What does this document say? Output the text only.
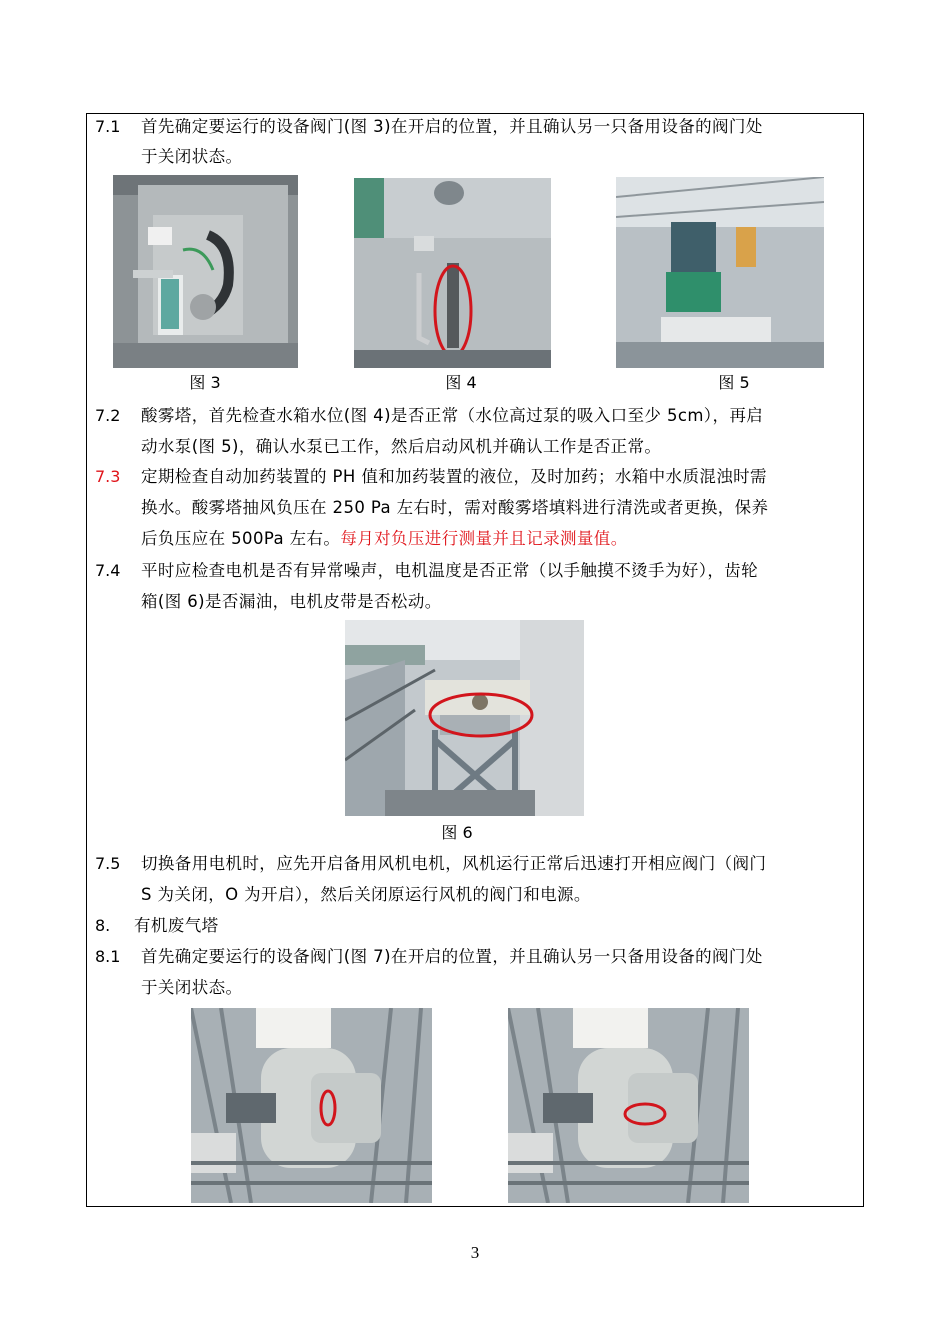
7.1 首先确定要运行的设备阀门(图 3)在开启的位置，并且确认另一只备用设备的阀门处
于关闭状态。
图 3	图 4	图 5
7.2 酸雾塔，首先检查水箱水位(图 4)是否正常（水位高过泵的吸入口至少 5cm），再启
动水泵(图 5)，确认水泵已工作，然后启动风机并确认工作是否正常。
7.3 定期检查自动加药装置的 PH 值和加药装置的液位，及时加药；水箱中水质混浊时需
换水。酸雾塔抽风负压在 250 Pa 左右时，需对酸雾塔填料进行清洗或者更换，保养
后负压应在 500Pa 左右。每月对负压进行测量并且记录测量值。
7.4 平时应检查电机是否有异常噪声，电机温度是否正常（以手触摸不烫手为好），齿轮
箱(图 6)是否漏油，电机皮带是否松动。
图 6
7.5 切换备用电机时，应先开启备用风机电机，风机运行正常后迅速打开相应阀门（阀门
S 为关闭，O 为开启），然后关闭原运行风机的阀门和电源。
8. 有机废气塔
8.1 首先确定要运行的设备阀门(图 7)在开启的位置，并且确认另一只备用设备的阀门处
于关闭状态。
3
